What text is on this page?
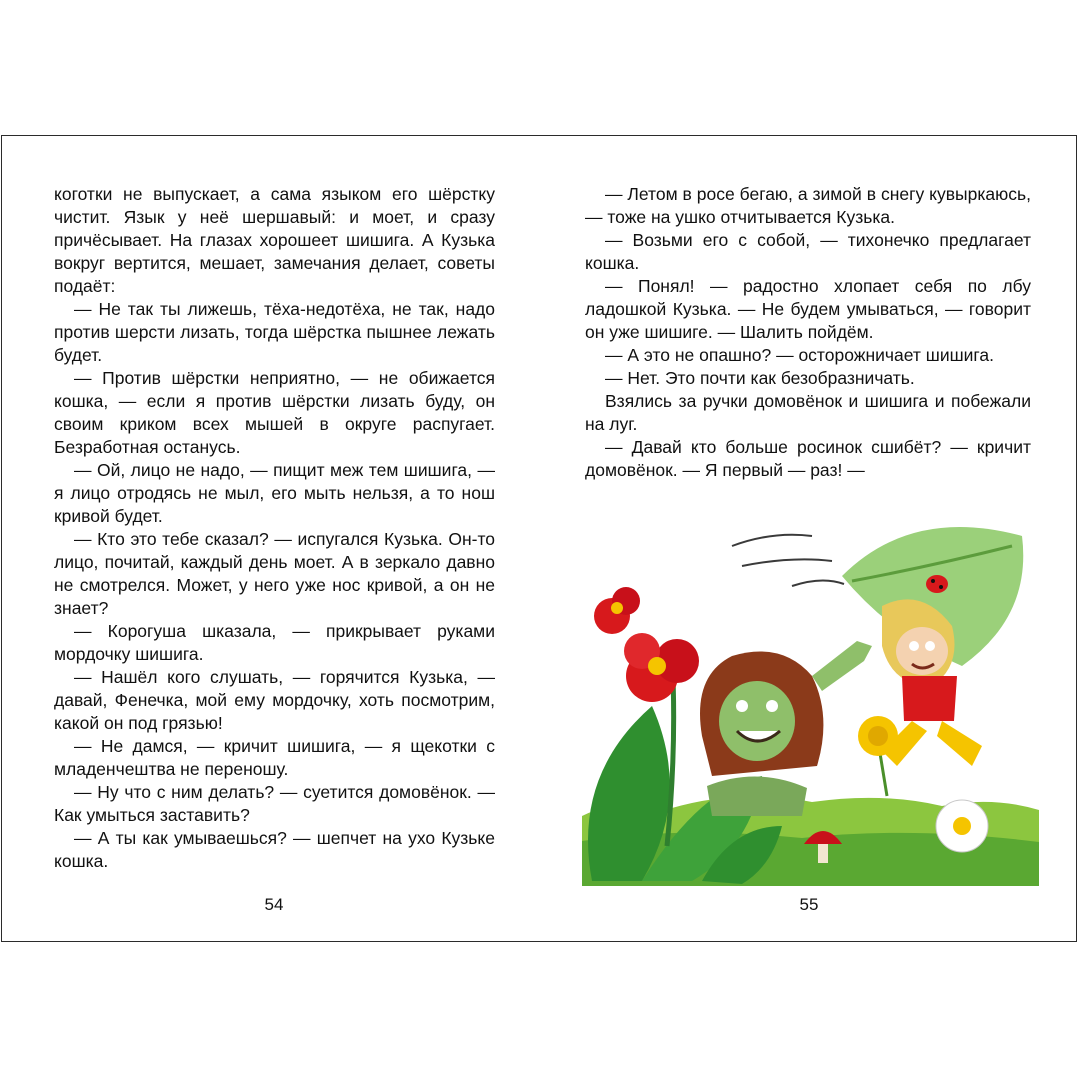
коготки не выпускает, а сама языком его шёрстку чистит. Язык у неё шершавый: и моет, и сразу причёсывает. На глазах хорошеет шишига. А Кузька вокруг вертится, мешает, замечания делает, советы подаёт:

— Не так ты лижешь, тёха-недотёха, не так, надо против шерсти лизать, тогда шёрстка пышнее лежать будет.

— Против шёрстки неприятно, — не обижается кошка, — если я против шёрстки лизать буду, он своим криком всех мышей в округе распугает. Безработная останусь.

— Ой, лицо не надо, — пищит меж тем шишига, — я лицо отродясь не мыл, его мыть нельзя, а то нош кривой будет.

— Кто это тебе сказал? — испугался Кузька. Он-то лицо, почитай, каждый день моет. А в зеркало давно не смотрелся. Может, у него уже нос кривой, а он не знает?

— Корогуша шказала, — прикрывает руками мордочку шишига.

— Нашёл кого слушать, — горячится Кузька, — давай, Фенечка, мой ему мордочку, хоть посмотрим, какой он под грязью!

— Не дамся, — кричит шишига, — я щекотки с младенчештва не переношу.

— Ну что с ним делать? — суетится домовёнок. — Как умыться заставить?

— А ты как умываешься? — шепчет на ухо Кузьке кошка.

— Летом в росе бегаю, а зимой в снегу кувыркаюсь, — тоже на ушко отчитывается Кузька.

— Возьми его с собой, — тихонечко предлагает кошка.

— Понял! — радостно хлопает себя по лбу ладошкой Кузька. — Не будем умываться, — говорит он уже шишиге. — Шалить пойдём.

— А это не опашно? — осторожничает шишига.

— Нет. Это почти как безобразничать.

Взялись за ручки домовёнок и шишига и побежали на луг.

— Давай кто больше росинок сшибёт? — кричит домовёнок. — Я первый — раз! —

54	55
